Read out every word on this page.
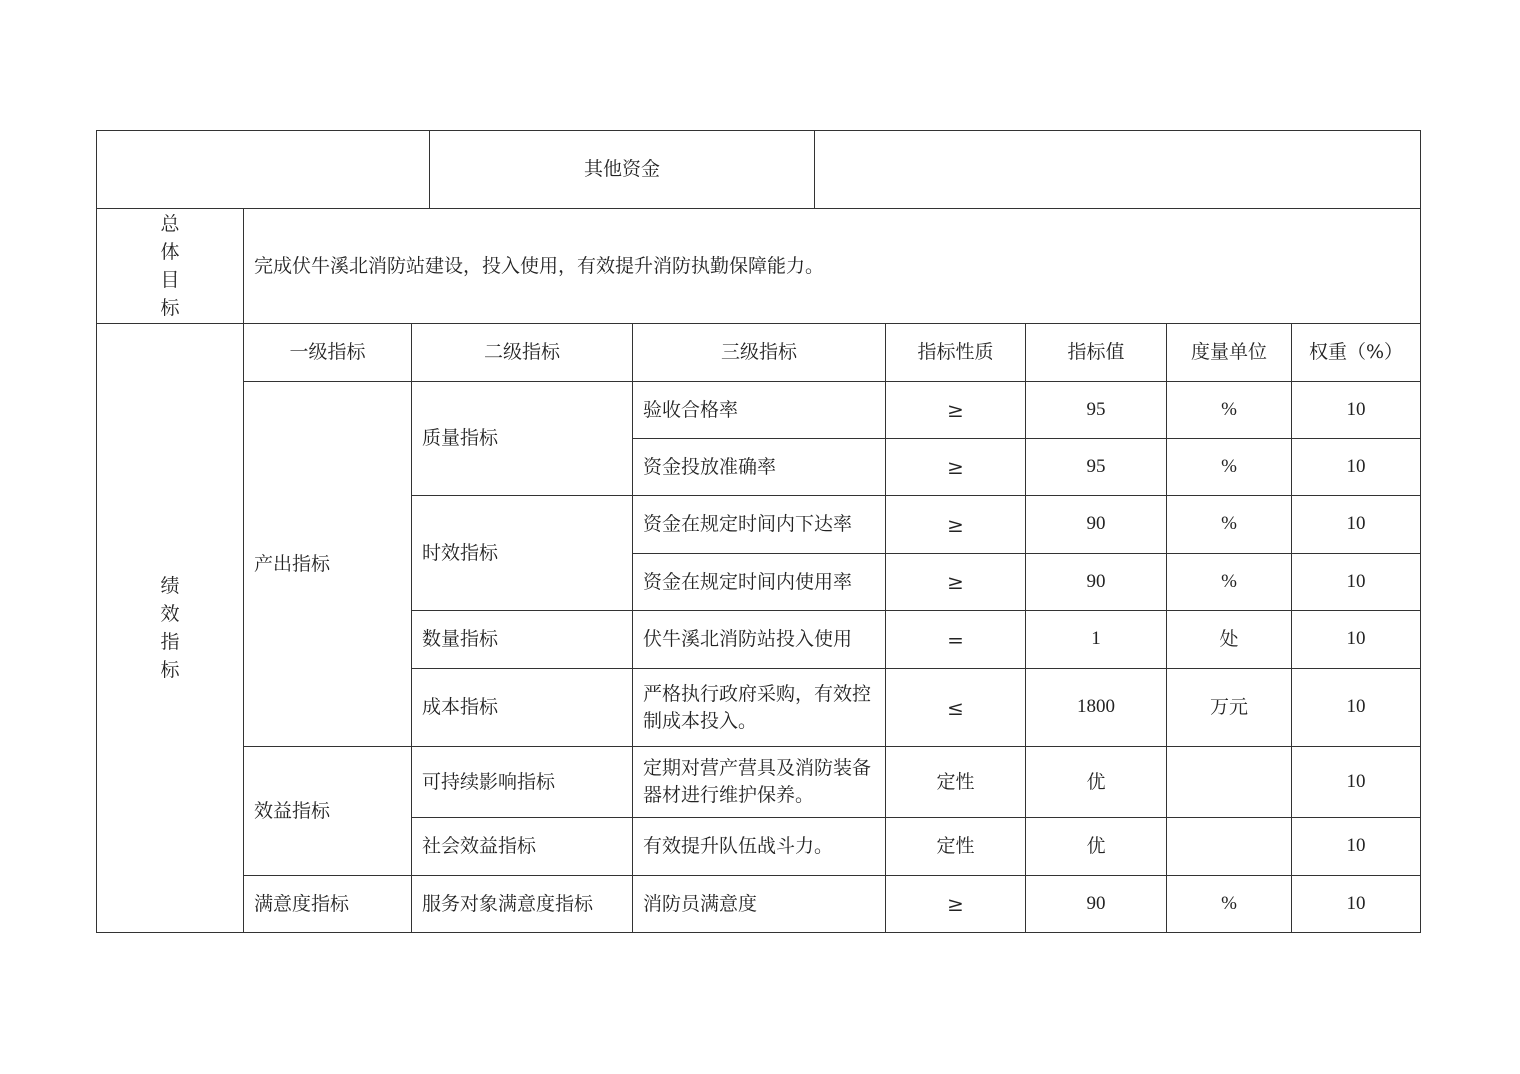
	其他资金	
总
体
目
标
	完成伏牛溪北消防站建设，投入使用，有效提升消防执勤保障能力。
绩
效
指
标	一级指标	二级指标	三级指标	指标性质	指标值	度量单位	权重（%）
	产出指标	质量指标	验收合格率	≥	95	%	10
			资金投放准确率	≥	95	%	10
		时效指标	资金在规定时间内下达率	≥	90	%	10
			资金在规定时间内使用率	≥	90	%	10
		数量指标	伏牛溪北消防站投入使用	=	1	处	10
		成本指标	严格执行政府采购，有效控制成本投入。	≤	1800	万元	10
	效益指标	可持续影响指标	定期对营产营具及消防装备器材进行维护保养。	定性	优		10
		社会效益指标	有效提升队伍战斗力。	定性	优		10
	满意度指标	服务对象满意度指标	消防员满意度	≥	90	%	10
